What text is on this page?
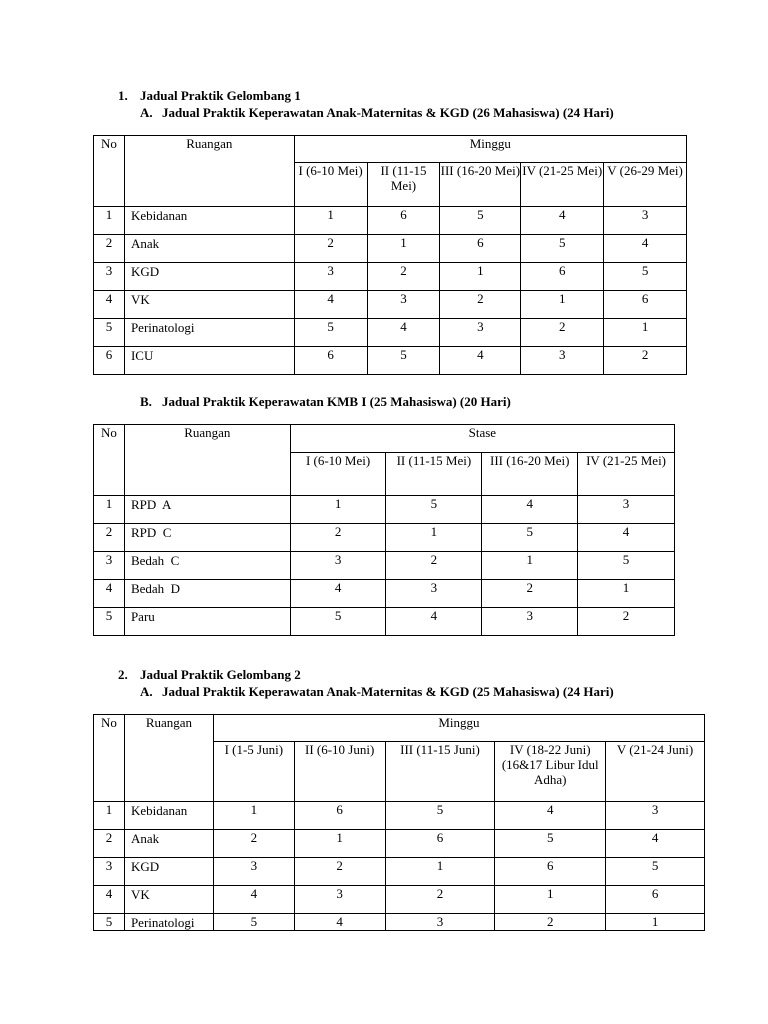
1. Jadual Praktik Gelombang 1
A. Jadual Praktik Keperawatan Anak-Maternitas & KGD (26 Mahasiswa) (24 Hari)
No	Ruangan	Minggu				
		I (6-10 Mei)	II (11-15 Mei)	III (16-20 Mei)	IV (21-25 Mei)	V (26-29 Mei)
1	Kebidanan	1	6	5	4	3
2	Anak	2	1	6	5	4
3	KGD	3	2	1	6	5
4	VK	4	3	2	1	6
5	Perinatologi	5	4	3	2	1
6	ICU	6	5	4	3	2
B. Jadual Praktik Keperawatan KMB I (25 Mahasiswa) (20 Hari)
No	Ruangan	Stase			
		I (6-10 Mei)	II (11-15 Mei)	III (16-20 Mei)	IV (21-25 Mei)
1	RPD  A	1	5	4	3
2	RPD  C	2	1	5	4
3	Bedah  C	3	2	1	5
4	Bedah  D	4	3	2	1
5	Paru	5	4	3	2
2. Jadual Praktik Gelombang 2
A. Jadual Praktik Keperawatan Anak-Maternitas & KGD (25 Mahasiswa) (24 Hari)
No	Ruangan	Minggu				
		I (1-5 Juni)	II (6-10 Juni)	III (11-15 Juni)	IV (18-22 Juni) (16&17 Libur Idul Adha)	V (21-24 Juni)
1	Kebidanan	1	6	5	4	3
2	Anak	2	1	6	5	4
3	KGD	3	2	1	6	5
4	VK	4	3	2	1	6
5	Perinatologi	5	4	3	2	1
